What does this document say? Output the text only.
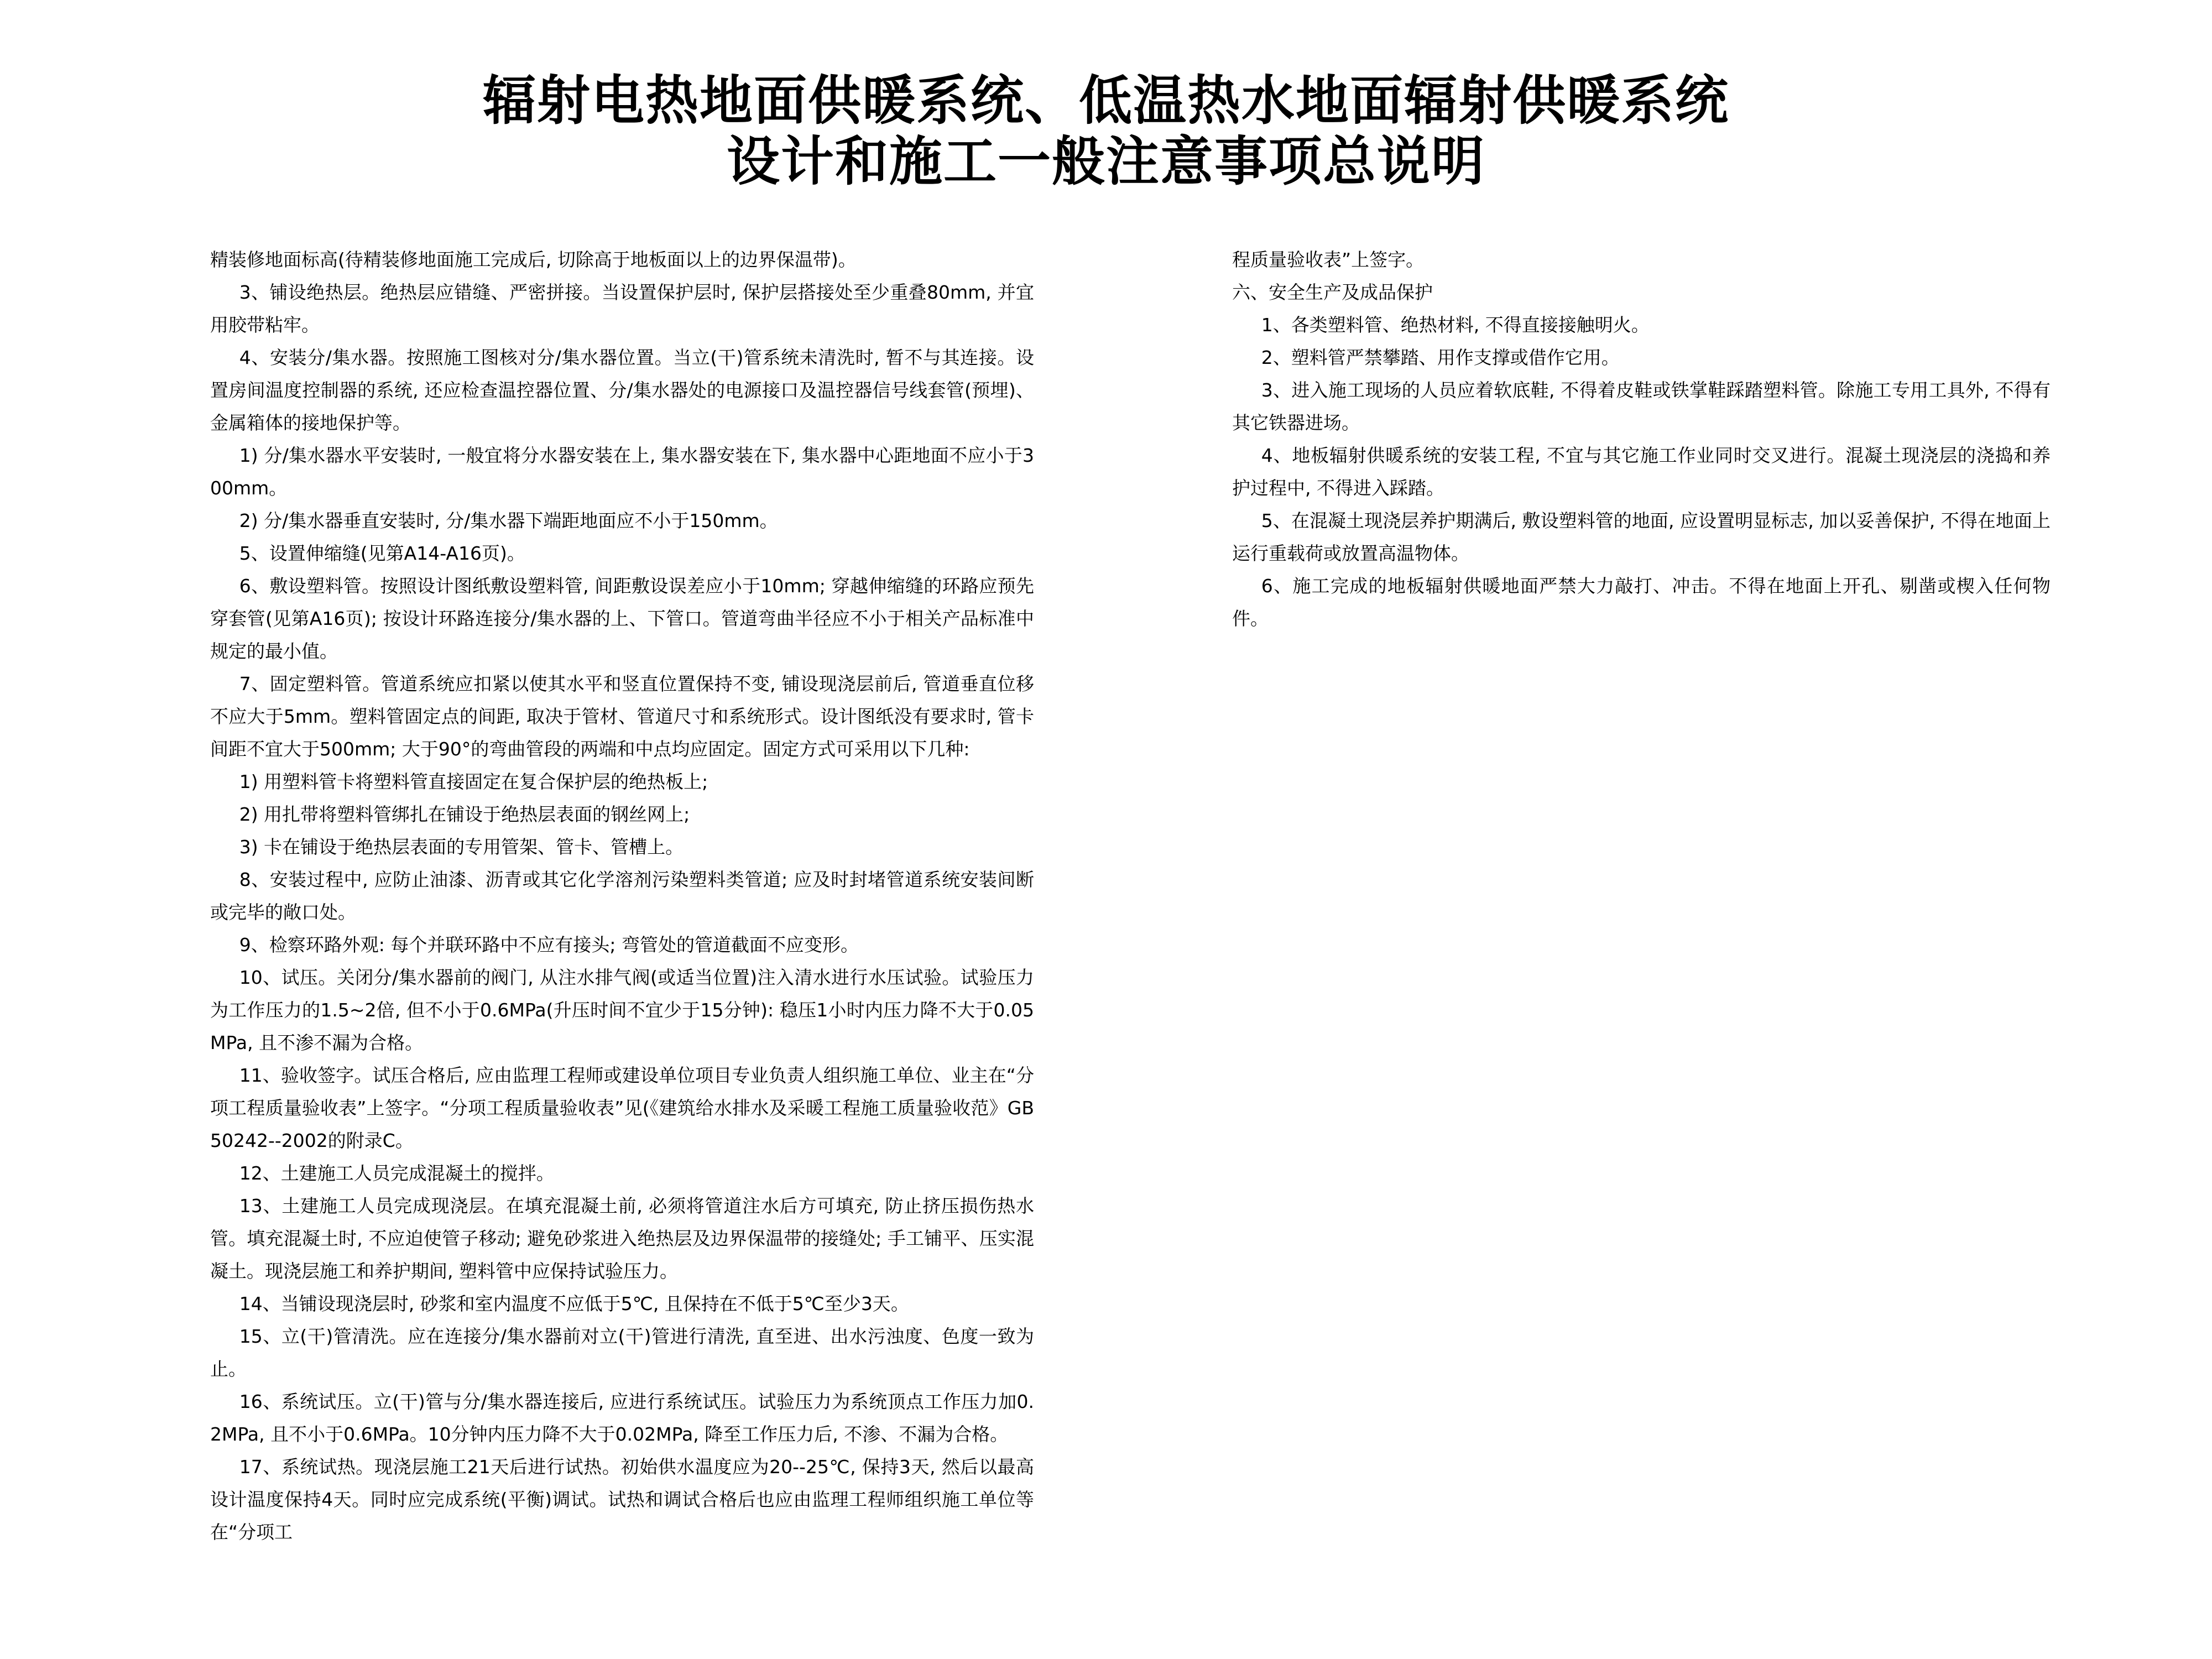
辐射电热地面供暖系统、低温热水地面辐射供暖系统
设计和施工一般注意事项总说明

精装修地面标高(待精装修地面施工完成后, 切除高于地板面以上的边界保温带)。

3、铺设绝热层。绝热层应错缝、严密拼接。当设置保护层时, 保护层搭接处至少重叠80mm, 并宜用胶带粘牢。

4、安装分/集水器。按照施工图核对分/集水器位置。当立(干)管系统未清洗时, 暂不与其连接。设置房间温度控制器的系统, 还应检查温控器位置、分/集水器处的电源接口及温控器信号线套管(预埋)、金属箱体的接地保护等。

1) 分/集水器水平安装时, 一般宜将分水器安装在上, 集水器安装在下, 集水器中心距地面不应小于300mm。

2) 分/集水器垂直安装时, 分/集水器下端距地面应不小于150mm。

5、设置伸缩缝(见第A14-A16页)。

6、敷设塑料管。按照设计图纸敷设塑料管, 间距敷设误差应小于10mm; 穿越伸缩缝的环路应预先穿套管(见第A16页); 按设计环路连接分/集水器的上、下管口。管道弯曲半径应不小于相关产品标准中规定的最小值。

7、固定塑料管。管道系统应扣紧以使其水平和竖直位置保持不变, 铺设现浇层前后, 管道垂直位移不应大于5mm。塑料管固定点的间距, 取决于管材、管道尺寸和系统形式。设计图纸没有要求时, 管卡间距不宜大于500mm; 大于90°的弯曲管段的两端和中点均应固定。固定方式可采用以下几种:

1) 用塑料管卡将塑料管直接固定在复合保护层的绝热板上;

2) 用扎带将塑料管绑扎在铺设于绝热层表面的钢丝网上;

3) 卡在铺设于绝热层表面的专用管架、管卡、管槽上。

8、安装过程中, 应防止油漆、沥青或其它化学溶剂污染塑料类管道; 应及时封堵管道系统安装间断或完毕的敞口处。

9、检察环路外观: 每个并联环路中不应有接头; 弯管处的管道截面不应变形。

10、试压。关闭分/集水器前的阀门, 从注水排气阀(或适当位置)注入清水进行水压试验。试验压力为工作压力的1.5~2倍, 但不小于0.6MPa(升压时间不宜少于15分钟): 稳压1小时内压力降不大于0.05MPa, 且不渗不漏为合格。

11、验收签字。试压合格后, 应由监理工程师或建设单位项目专业负责人组织施工单位、业主在“分项工程质量验收表”上签字。“分项工程质量验收表”见(《建筑给水排水及采暖工程施工质量验收范》GB 50242--2002的附录C。

12、土建施工人员完成混凝土的搅拌。

13、土建施工人员完成现浇层。在填充混凝土前, 必须将管道注水后方可填充, 防止挤压损伤热水管。填充混凝土时, 不应迫使管子移动; 避免砂浆进入绝热层及边界保温带的接缝处; 手工铺平、压实混凝土。现浇层施工和养护期间, 塑料管中应保持试验压力。

14、当铺设现浇层时, 砂浆和室内温度不应低于5℃, 且保持在不低于5℃至少3天。

15、立(干)管清洗。应在连接分/集水器前对立(干)管进行清洗, 直至进、出水污浊度、色度一致为止。

16、系统试压。立(干)管与分/集水器连接后, 应进行系统试压。试验压力为系统顶点工作压力加0.2MPa, 且不小于0.6MPa。10分钟内压力降不大于0.02MPa, 降至工作压力后, 不渗、不漏为合格。

17、系统试热。现浇层施工21天后进行试热。初始供水温度应为20--25℃, 保持3天, 然后以最高设计温度保持4天。同时应完成系统(平衡)调试。试热和调试合格后也应由监理工程师组织施工单位等在“分项工

程质量验收表”上签字。

六、安全生产及成品保护

1、各类塑料管、绝热材料, 不得直接接触明火。

2、塑料管严禁攀踏、用作支撑或借作它用。

3、进入施工现场的人员应着软底鞋, 不得着皮鞋或铁掌鞋踩踏塑料管。除施工专用工具外, 不得有其它铁器进场。

4、地板辐射供暖系统的安装工程, 不宜与其它施工作业同时交叉进行。混凝土现浇层的浇捣和养护过程中, 不得进入踩踏。

5、在混凝土现浇层养护期满后, 敷设塑料管的地面, 应设置明显标志, 加以妥善保护, 不得在地面上运行重载荷或放置高温物体。

6、施工完成的地板辐射供暖地面严禁大力敲打、冲击。不得在地面上开孔、剔凿或楔入任何物件。
